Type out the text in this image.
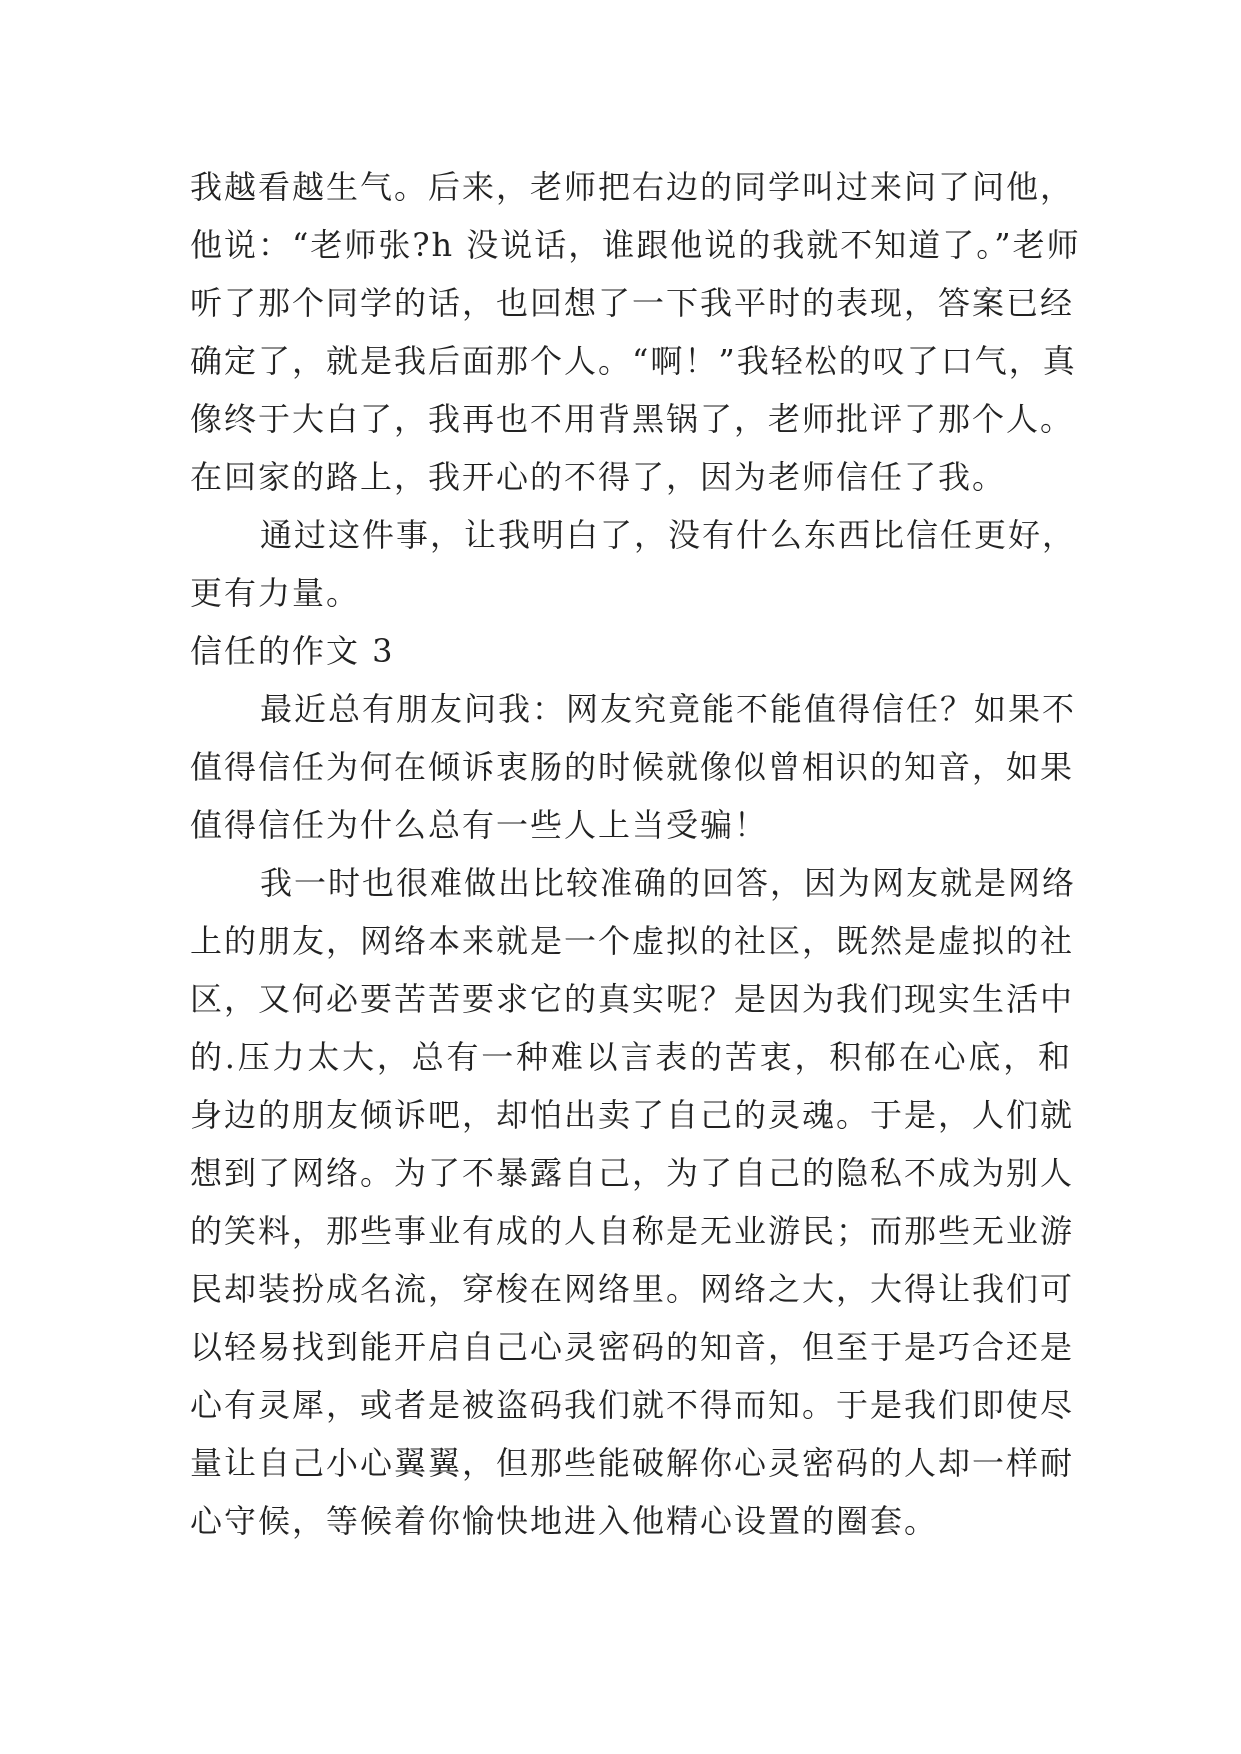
我越看越生气。后来，老师把右边的同学叫过来问了问他，
他说：“老师张?h 没说话，谁跟他说的我就不知道了。”老师
听了那个同学的话，也回想了一下我平时的表现，答案已经
确定了，就是我后面那个人。“啊！”我轻松的叹了口气，真
像终于大白了，我再也不用背黑锅了，老师批评了那个人。
在回家的路上，我开心的不得了，因为老师信任了我。
通过这件事，让我明白了，没有什么东西比信任更好，
更有力量。
信任的作文 3
最近总有朋友问我：网友究竟能不能值得信任？如果不
值得信任为何在倾诉衷肠的时候就像似曾相识的知音，如果
值得信任为什么总有一些人上当受骗！
我一时也很难做出比较准确的回答，因为网友就是网络
上的朋友，网络本来就是一个虚拟的社区，既然是虚拟的社
区，又何必要苦苦要求它的真实呢？是因为我们现实生活中
的.压力太大，总有一种难以言表的苦衷，积郁在心底，和
身边的朋友倾诉吧，却怕出卖了自己的灵魂。于是，人们就
想到了网络。为了不暴露自己，为了自己的隐私不成为别人
的笑料，那些事业有成的人自称是无业游民；而那些无业游
民却装扮成名流，穿梭在网络里。网络之大，大得让我们可
以轻易找到能开启自己心灵密码的知音，但至于是巧合还是
心有灵犀，或者是被盗码我们就不得而知。于是我们即使尽
量让自己小心翼翼，但那些能破解你心灵密码的人却一样耐
心守候，等候着你愉快地进入他精心设置的圈套。
